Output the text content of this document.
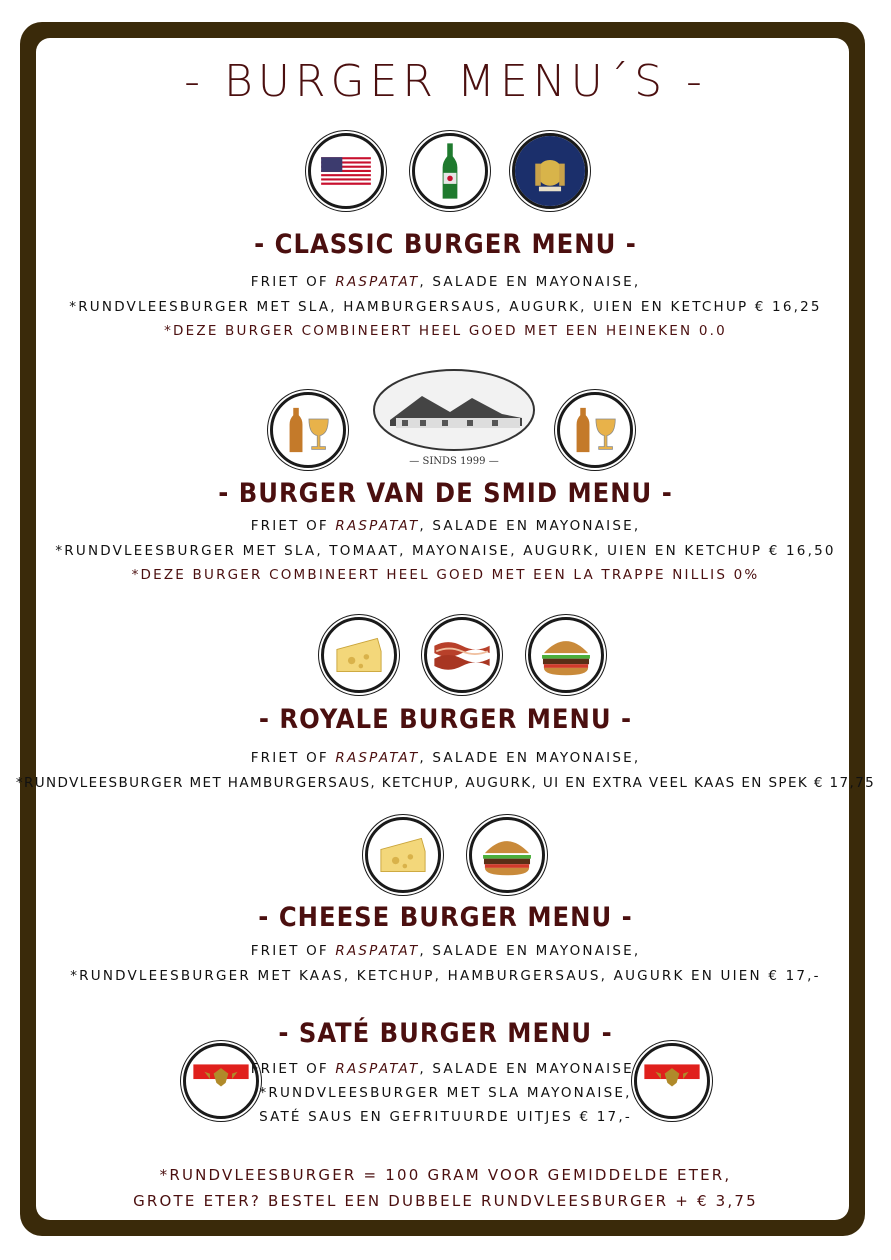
- BURGER MENU´S -
- CLASSIC BURGER MENU -
FRIET OF RASPATAT, SALADE EN MAYONAISE,
*RUNDVLEESBURGER MET SLA, HAMBURGERSAUS, AUGURK, UIEN EN KETCHUP € 16,25
*DEZE BURGER COMBINEERT HEEL GOED MET EEN HEINEKEN 0.0
— SINDS 1999 —
- BURGER VAN DE SMID MENU -
FRIET OF RASPATAT, SALADE EN MAYONAISE,
*RUNDVLEESBURGER MET SLA, TOMAAT, MAYONAISE, AUGURK, UIEN EN KETCHUP € 16,50
*DEZE BURGER COMBINEERT HEEL GOED MET EEN LA TRAPPE NILLIS 0%
- ROYALE BURGER MENU -
FRIET OF RASPATAT, SALADE EN MAYONAISE,
*RUNDVLEESBURGER MET HAMBURGERSAUS, KETCHUP, AUGURK, UI EN EXTRA VEEL KAAS EN SPEK € 17,75
- CHEESE BURGER MENU -
FRIET OF RASPATAT, SALADE EN MAYONAISE,
*RUNDVLEESBURGER MET KAAS, KETCHUP, HAMBURGERSAUS, AUGURK EN UIEN € 17,-
- SATÉ BURGER MENU -
FRIET OF RASPATAT, SALADE EN MAYONAISE,
*RUNDVLEESBURGER MET SLA MAYONAISE,
SATÉ SAUS EN GEFRITUURDE UITJES € 17,-
*RUNDVLEESBURGER = 100 GRAM VOOR GEMIDDELDE ETER,
GROTE ETER? BESTEL EEN DUBBELE RUNDVLEESBURGER + € 3,75
